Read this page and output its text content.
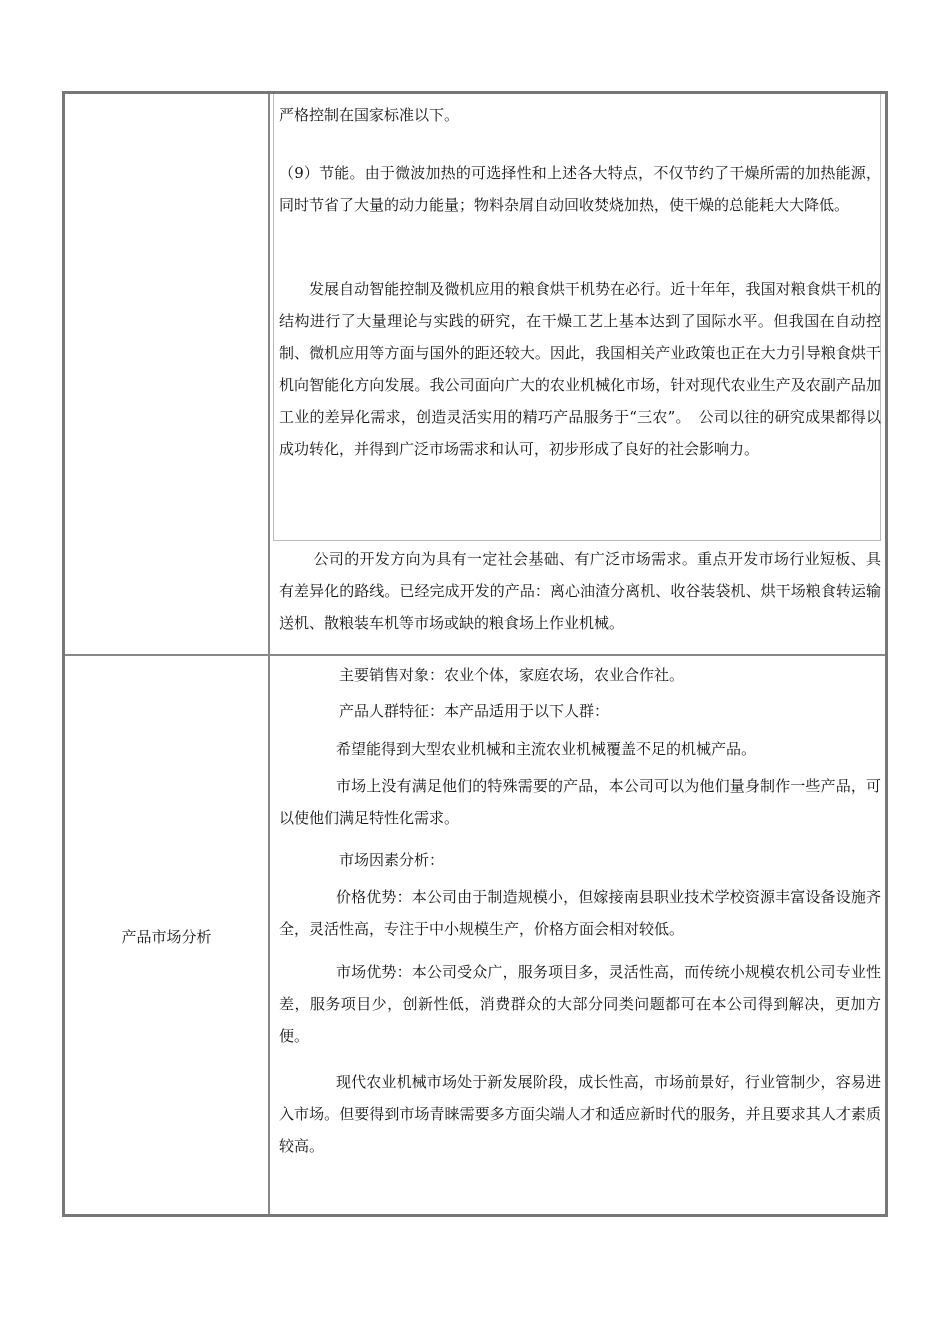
严格控制在国家标准以下。

（9）节能。由于微波加热的可选择性和上述各大特点，不仅节约了干燥所需的加热能源，同时节省了大量的动力能量；物料杂屑自动回收焚烧加热，使干燥的总能耗大大降低。

发展自动智能控制及微机应用的粮食烘干机势在必行。近十年年，我国对粮食烘干机的结构进行了大量理论与实践的研究，在干燥工艺上基本达到了国际水平。但我国在自动控制、微机应用等方面与国外的距还较大。因此，我国相关产业政策也正在大力引导粮食烘干机向智能化方向发展。我公司面向广大的农业机械化市场，针对现代农业生产及农副产品加工业的差异化需求，创造灵活实用的精巧产品服务于“三农”。　公司以往的研究成果都得以成功转化，并得到广泛市场需求和认可，初步形成了良好的社会影响力。

公司的开发方向为具有一定社会基础、有广泛市场需求。重点开发市场行业短板、具有差异化的路线。已经完成开发的产品：离心油渣分离机、收谷装袋机、烘干场粮食转运输送机、散粮装车机等市场或缺的粮食场上作业机械。

产品市场分析

主要销售对象：农业个体，家庭农场，农业合作社。

产品人群特征：本产品适用于以下人群：

希望能得到大型农业机械和主流农业机械覆盖不足的机械产品。

市场上没有满足他们的特殊需要的产品，本公司可以为他们量身制作一些产品，可以使他们满足特性化需求。

市场因素分析：

价格优势：本公司由于制造规模小，但嫁接南县职业技术学校资源丰富设备设施齐全，灵活性高，专注于中小规模生产，价格方面会相对较低。

市场优势：本公司受众广，服务项目多，灵活性高，而传统小规模农机公司专业性差，服务项目少，创新性低，消费群众的大部分同类问题都可在本公司得到解决，更加方便。

现代农业机械市场处于新发展阶段，成长性高，市场前景好，行业管制少，容易进入市场。但要得到市场青睐需要多方面尖端人才和适应新时代的服务，并且要求其人才素质较高。
